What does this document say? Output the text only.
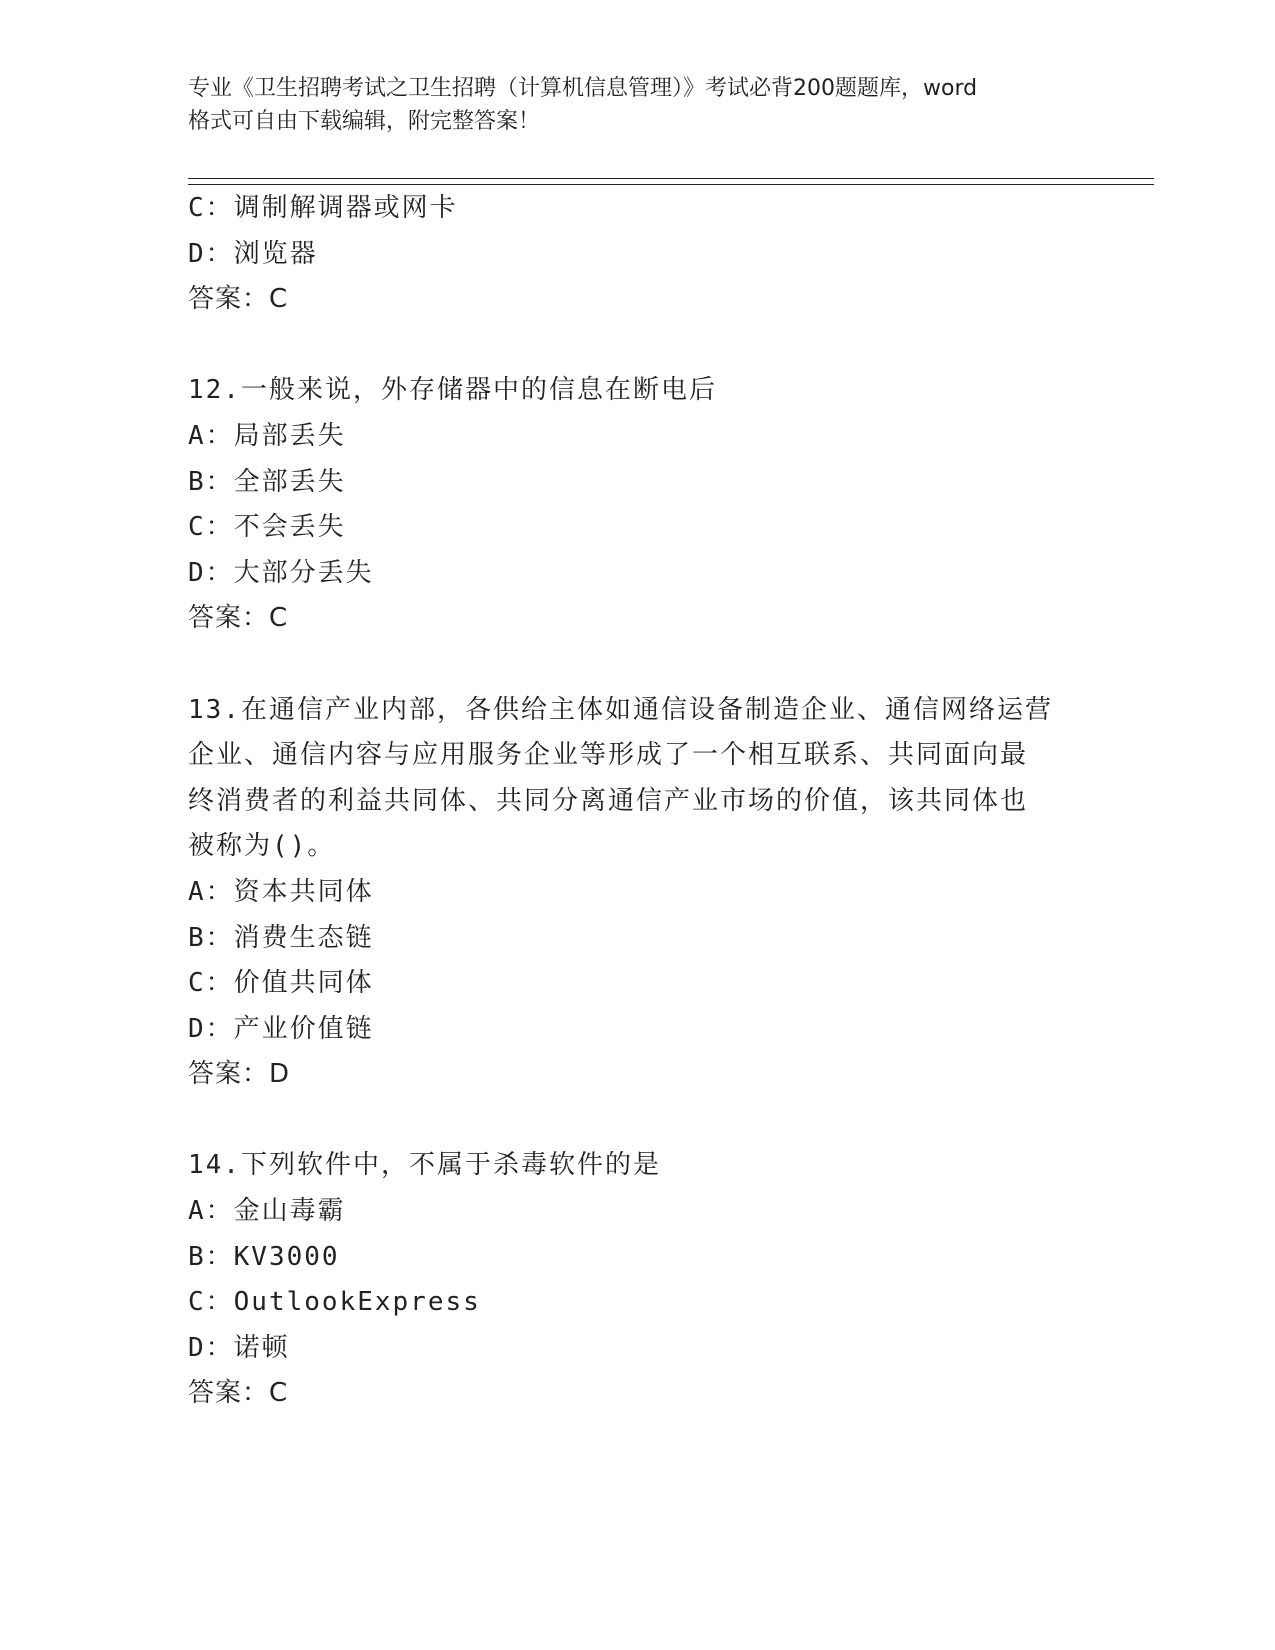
专业《卫生招聘考试之卫生招聘（计算机信息管理）》考试必背200题题库，word
格式可自由下载编辑，附完整答案！
C：调制解调器或网卡
D：浏览器
答案：C
12.一般来说，外存储器中的信息在断电后
A：局部丢失
B：全部丢失
C：不会丢失
D：大部分丢失
答案：C
13.在通信产业内部，各供给主体如通信设备制造企业、通信网络运营
企业、通信内容与应用服务企业等形成了一个相互联系、共同面向最
终消费者的利益共同体、共同分离通信产业市场的价值，该共同体也
被称为()。
A：资本共同体
B：消费生态链
C：价值共同体
D：产业价值链
答案：D
14.下列软件中，不属于杀毒软件的是
A：金山毒霸
B：KV3000
C：OutlookExpress
D：诺顿
答案：C
